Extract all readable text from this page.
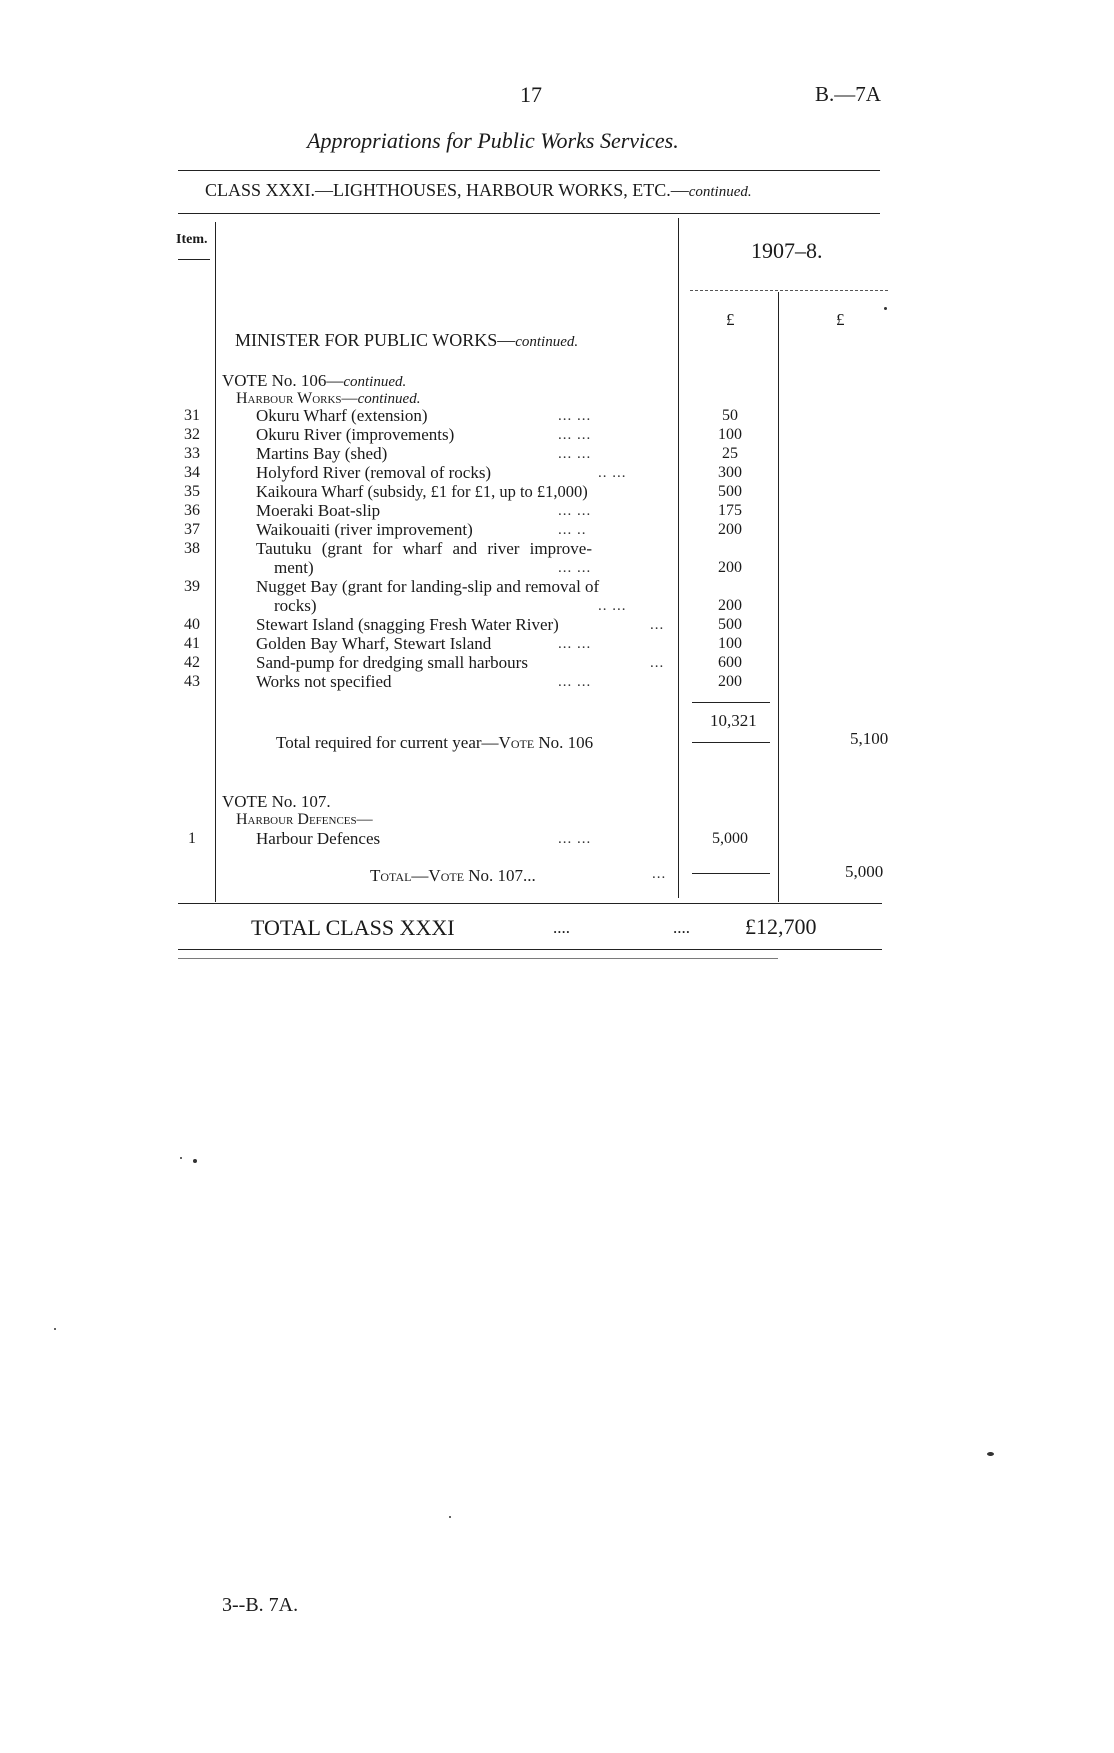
17	B.—7A
Appropriations for Public Works Services.
CLASS XXXI.—LIGHTHOUSES, HARBOUR WORKS, ETC.—continued.
Item.	1907–8.
£	£
MINISTER FOR PUBLIC WORKS—continued.
VOTE No. 106—continued.
Harbour Works—continued.
31	Okuru Wharf (extension)	... ...	50
32	Okuru River (improvements)	... ...	100
33	Martins Bay (shed)	... ...	25
34	Holyford River (removal of rocks)	.. ...	300
35	Kaikoura Wharf (subsidy, £1 for £1, up to £1,000)	500
36	Moeraki Boat-slip	... ...	175
37	Waikouaiti (river improvement)	... ..	200
38	Tautuku (grant for wharf and river improve-
ment)	... ...	200
39	Nugget Bay (grant for landing-slip and removal of
rocks)	.. ...	200
40	Stewart Island (snagging Fresh Water River)	...	500
41	Golden Bay Wharf, Stewart Island	... ...	100
42	Sand-pump for dredging small harbours	...	600
43	Works not specified	... ...	200
10,321
Total required for current year—Vote No. 106	5,100
VOTE No. 107.
Harbour Defences—
1	Harbour Defences	... ...	5,000
Total—Vote No. 107...	...	5,000
TOTAL CLASS XXXI	....	....	£12,700
3--B. 7A.
